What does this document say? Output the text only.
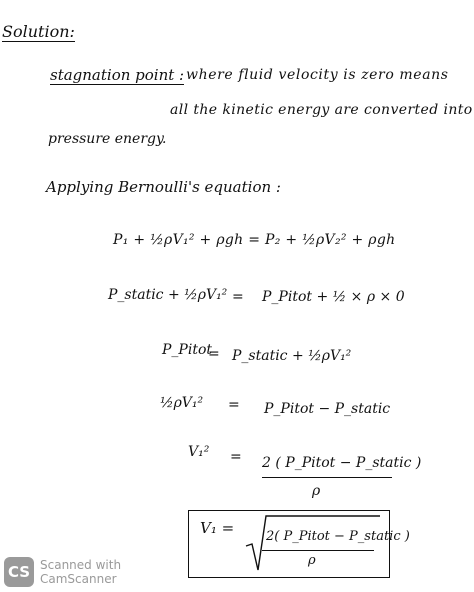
Solution:
stagnation point : where fluid velocity is zero means
all the kinetic energy are converted into
pressure energy.
Applying Bernoulli's equation :
P₁ + ½ρV₁² + ρgh = P₂ + ½ρV₂² + ρgh
P_static + ½ρV₁² = P_Pitot + ½ × ρ × 0
P_Pitot
= P_static + ½ρV₁²
½ρV₁² = P_Pitot − P_static
V₁² = 2 ( P_Pitot − P_static )
ρ
V₁ = 2( P_Pitot − P_static )
ρ
CS Scanned with
CamScanner
